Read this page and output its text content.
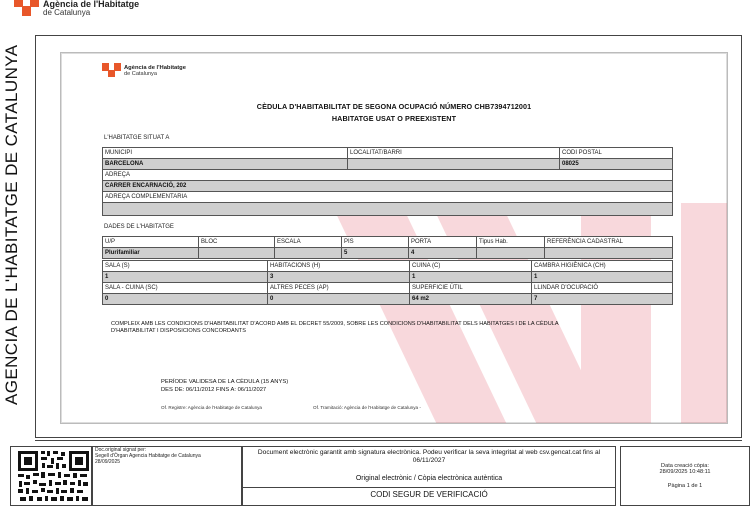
Agència de l'Habitatge
de Catalunya
AGENCIA DE L'HABITATGE DE CATALUNYA	Agència de l'Habitatge
de Catalunya
CÈDULA D'HABITABILITAT DE SEGONA OCUPACIÓ NÚMERO CHB7394712001
HABITATGE USAT O PREEXISTENT
L'HABITATGE SITUAT A
MUNICIPI	LOCALITAT/BARRI	CODI POSTAL
BARCELONA		08025
ADREÇA		
CARRER ENCARNACIÓ, 202		
ADREÇA COMPLEMENTARIA		

DADES DE L'HABITATGE
U/P	BLOC	ESCALA	PIS	PORTA	Tipus Hab.	REFERÈNCIA CADASTRAL
Plurifamiliar			5	4		
SALA (S)	HABITACIONS (H)	CUINA (C)	CAMBRA HIGIÈNICA (CH)
1	3	1	1
SALA - CUINA (SC)	ALTRES PECES (AP)	SUPERFICIE ÚTIL	LLINDAR D'OCUPACIÓ
0	0	64 m2	7
COMPLEIX AMB LES CONDICIONS D'HABITABILITAT D'ACORD AMB EL DECRET 55/2009, SOBRE LES CONDICIONS D'HABITABILITAT DELS HABITATGES I DE LA CÈDULA
D'HABITABILITAT I DISPOSICIONS CONCORDANTS
PERÍODE VALIDESA DE LA CÈDULA (15 ANYS)
DES DE: 06/11/2012 FINS A: 06/11/2027
Of. Registre: Agència de l'Habitatge de Catalunya	Of. Tramitació: Agència de l'Habitatge de Catalunya -
Doc.original signat per:
Segell d'Òrgan Agencia Habitatge de Catalunya
28/09/2025
Document electrònic garantit amb signatura electrònica. Podeu verificar la seva integritat al web csv.gencat.cat fins al
06/11/2027
Original electrònic / Còpia electrònica autèntica
CODI SEGUR DE VERIFICACIÓ
Data creació còpia:
28/09/2025 10:48:11
Pàgina 1 de 1
